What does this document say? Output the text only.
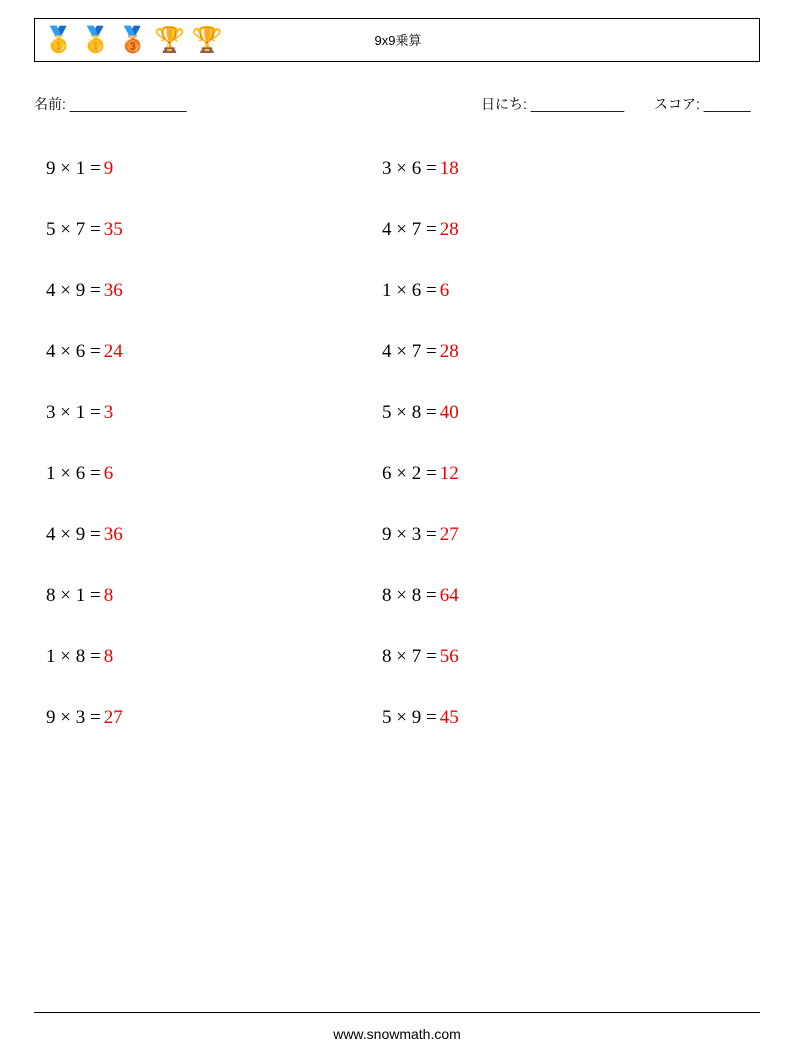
🥇 🥇 🥉 🏆 🏆	9x9乗算
名前: _______________	日にち: ____________ スコア: ______
9 × 1 = 9
5 × 7 = 35
4 × 9 = 36
4 × 6 = 24
3 × 1 = 3
1 × 6 = 6
4 × 9 = 36
8 × 1 = 8
1 × 8 = 8
9 × 3 = 27
3 × 6 = 18
4 × 7 = 28
1 × 6 = 6
4 × 7 = 28
5 × 8 = 40
6 × 2 = 12
9 × 3 = 27
8 × 8 = 64
8 × 7 = 56
5 × 9 = 45
www.snowmath.com
